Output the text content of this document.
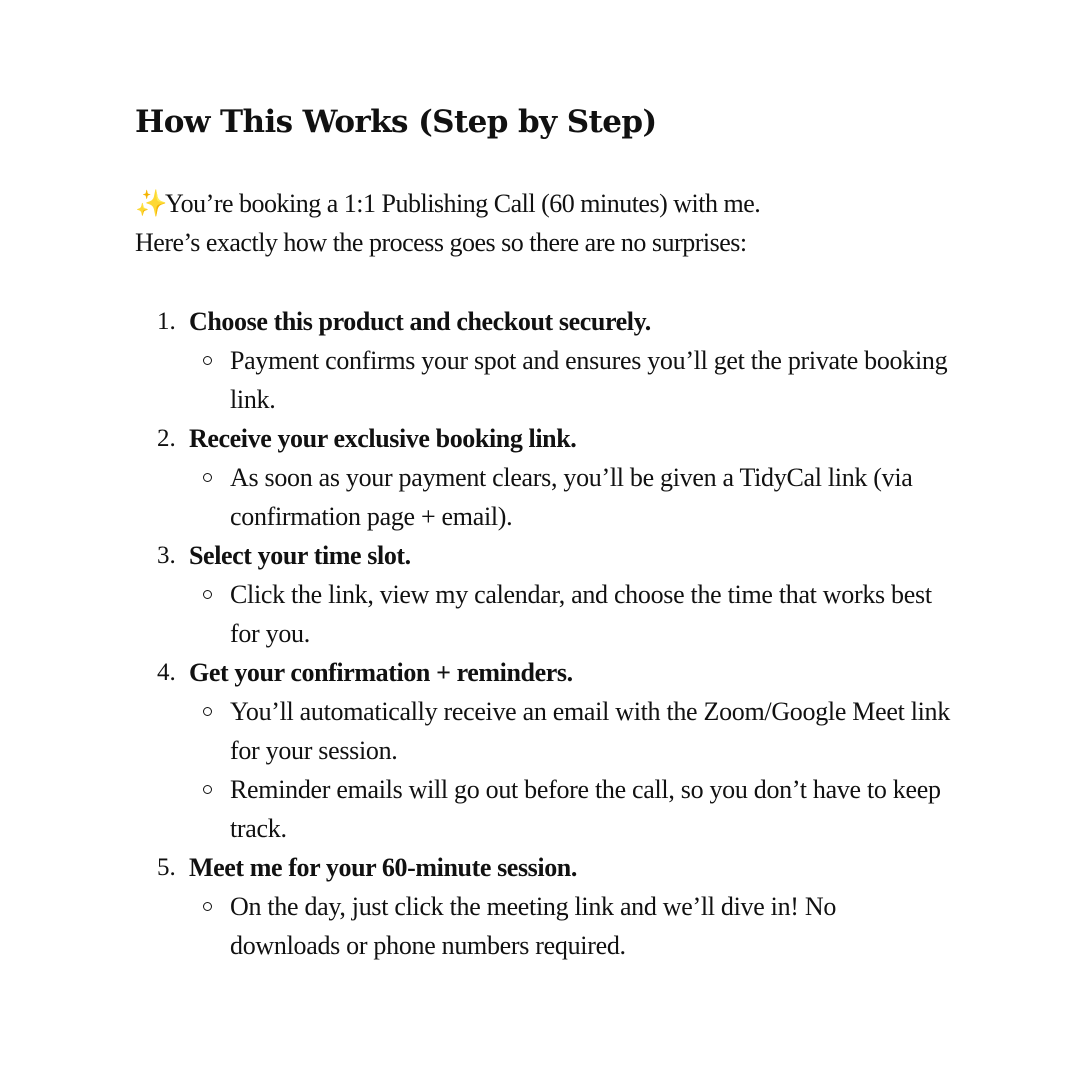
How This Works (Step by Step)

✨You’re booking a 1:1 Publishing Call (60 minutes) with me.
Here’s exactly how the process goes so there are no surprises:

1. Choose this product and checkout securely.
Payment confirms your spot and ensures you’ll get the private booking link.
2. Receive your exclusive booking link.
As soon as your payment clears, you’ll be given a TidyCal link (via confirmation page + email).
3. Select your time slot.
Click the link, view my calendar, and choose the time that works best for you.
4. Get your confirmation + reminders.
You’ll automatically receive an email with the Zoom/Google Meet link for your session.
Reminder emails will go out before the call, so you don’t have to keep track.
5. Meet me for your 60-minute session.
On the day, just click the meeting link and we’ll dive in! No downloads or phone numbers required.
